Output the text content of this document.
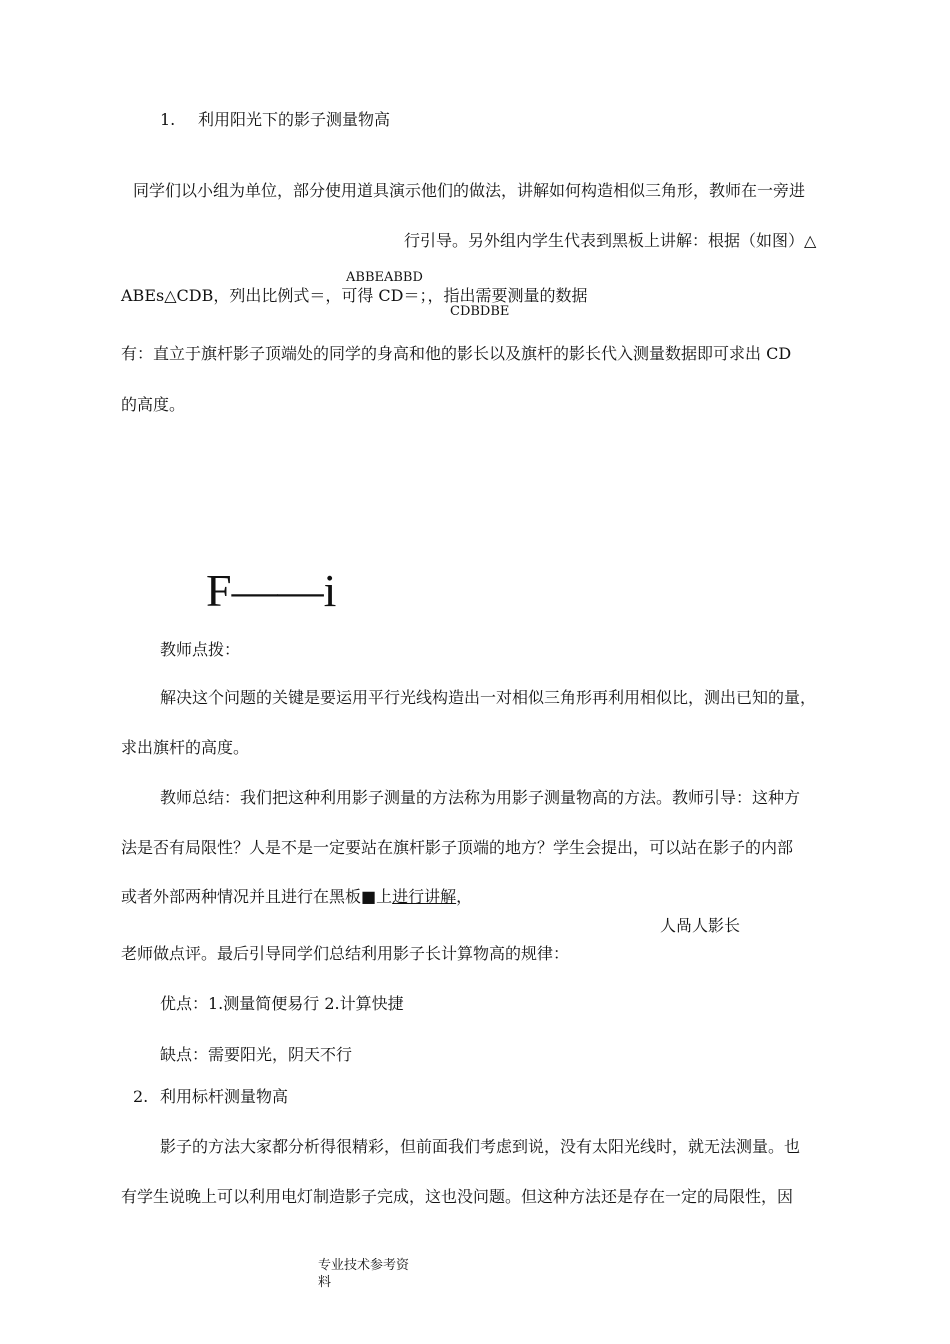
1. 利用阳光下的影子测量物高
同学们以小组为单位，部分使用道具演示他们的做法，讲解如何构造相似三角形，教师在一旁进
行引导。另外组内学生代表到黑板上讲解：根据（如图）△
ABBEABBD
ABEs△CDB，列出比例式＝，可得 CD＝；，指出需要测量的数据
CDBDBE
有：直立于旗杆影子顶端处的同学的身高和他的影长以及旗杆的影长代入测量数据即可求出 CD
的高度。
F——i
教师点拨：
解决这个问题的关键是要运用平行光线构造出一对相似三角形再利用相似比，测出已知的量，
求出旗杆的高度。
教师总结：我们把这种利用影子测量的方法称为用影子测量物高的方法。教师引导：这种方
法是否有局限性？人是不是一定要站在旗杆影子顶端的地方？学生会提出，可以站在影子的内部
或者外部两种情况并且进行在黑板■上进行讲解，
人咼人影长
老师做点评。最后引导同学们总结利用影子长计算物高的规律：
优点：1.测量简便易行 2.计算快捷
缺点：需要阳光，阴天不行
2. 利用标杆测量物高
影子的方法大家都分析得很精彩，但前面我们考虑到说，没有太阳光线时，就无法测量。也
有学生说晚上可以利用电灯制造影子完成，这也没问题。但这种方法还是存在一定的局限性，因
专业技术参考资
料
